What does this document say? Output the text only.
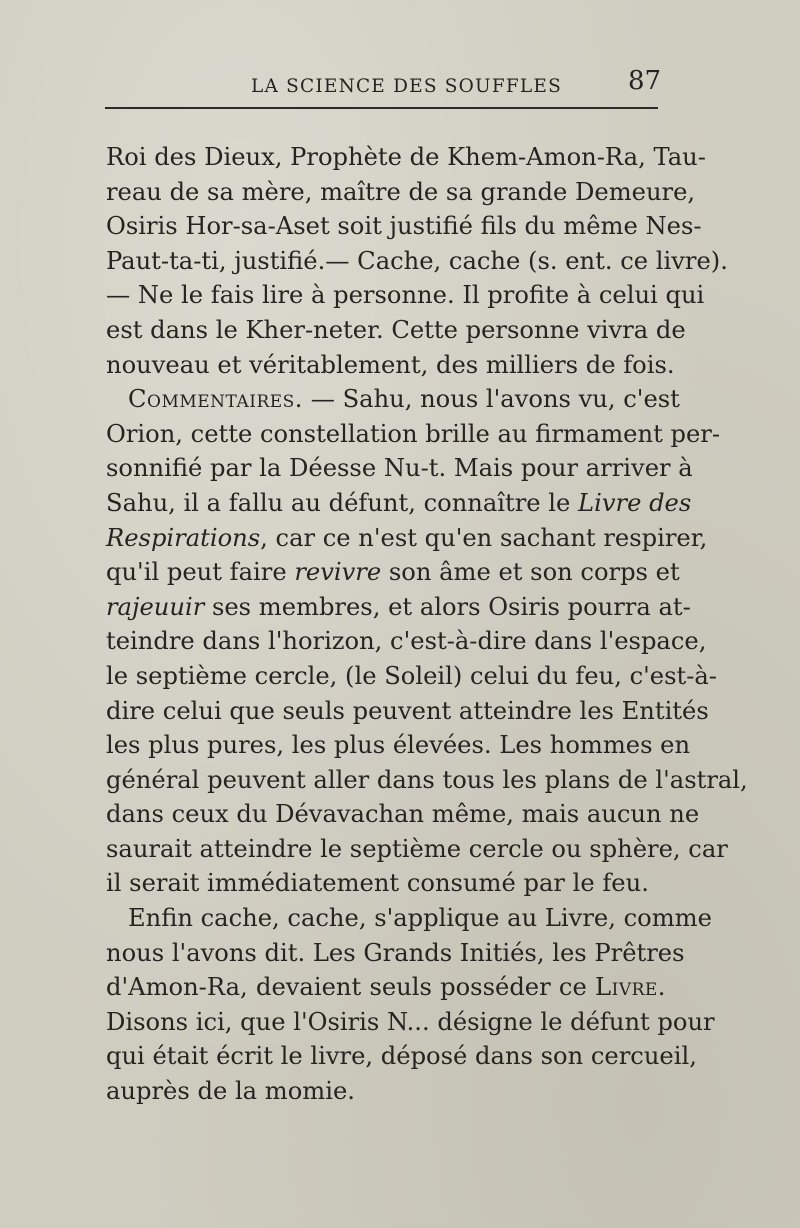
LA SCIENCE DES SOUFFLES	87
Roi des Dieux, Prophète de Khem-Amon-Ra, Tau-
reau de sa mère, maître de sa grande Demeure,
Osiris Hor-sa-Aset soit justifié fils du même Nes-
Paut-ta-ti, justifié.— Cache, cache (s. ent. ce livre).
— Ne le fais lire à personne. Il profite à celui qui
est dans le Kher-neter. Cette personne vivra de
nouveau et véritablement, des milliers de fois.
Commentaires. — Sahu, nous l'avons vu, c'est
Orion, cette constellation brille au firmament per-
sonnifié par la Déesse Nu-t. Mais pour arriver à
Sahu, il a fallu au défunt, connaître le Livre des
Respirations, car ce n'est qu'en sachant respirer,
qu'il peut faire revivre son âme et son corps et
rajeuuir ses membres, et alors Osiris pourra at-
teindre dans l'horizon, c'est-à-dire dans l'espace,
le septième cercle, (le Soleil) celui du feu, c'est-à-
dire celui que seuls peuvent atteindre les Entités
les plus pures, les plus élevées. Les hommes en
général peuvent aller dans tous les plans de l'astral,
dans ceux du Dévavachan même, mais aucun ne
saurait atteindre le septième cercle ou sphère, car
il serait immédiatement consumé par le feu.
Enfin cache, cache, s'applique au Livre, comme
nous l'avons dit. Les Grands Initiés, les Prêtres
d'Amon-Ra, devaient seuls posséder ce Livre.
Disons ici, que l'Osiris N... désigne le défunt pour
qui était écrit le livre, déposé dans son cercueil,
auprès de la momie.
